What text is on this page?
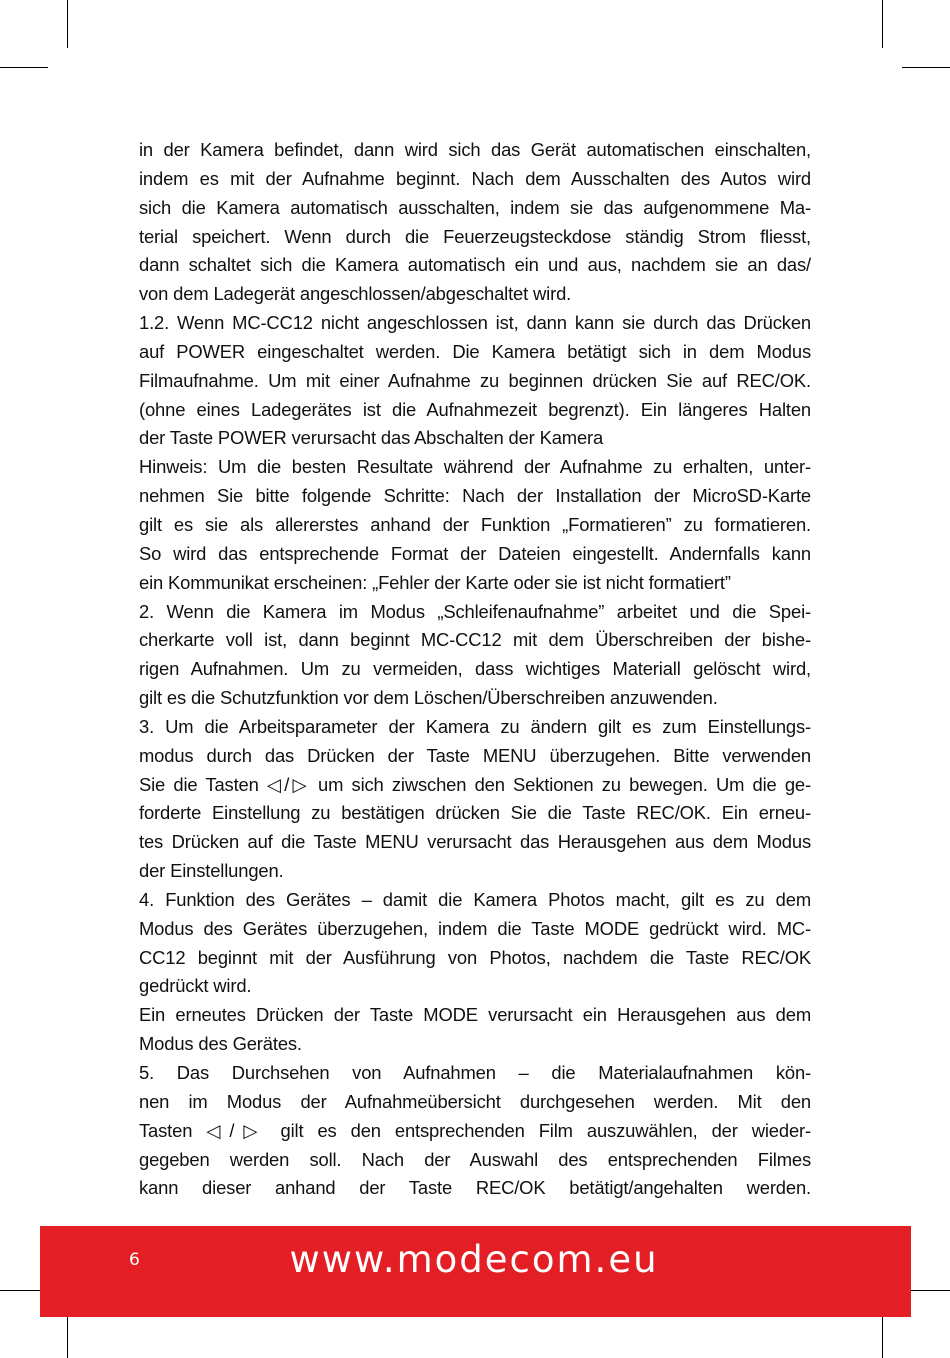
in der Kamera befindet, dann wird sich das Gerät automatischen einschalten,
indem es mit der Aufnahme beginnt. Nach dem Ausschalten des Autos wird
sich die Kamera automatisch ausschalten, indem sie das aufgenommene Ma-
terial speichert. Wenn durch die Feuerzeugsteckdose ständig Strom fliesst,
dann schaltet sich die Kamera automatisch ein und aus, nachdem sie an das/
von dem Ladegerät angeschlossen/abgeschaltet wird.
1.2. Wenn MC-CC12 nicht angeschlossen ist, dann kann sie durch das Drücken
auf POWER eingeschaltet werden. Die Kamera betätigt sich in dem Modus
Filmaufnahme. Um mit einer Aufnahme zu beginnen drücken Sie auf REC/OK.
(ohne eines Ladegerätes ist die Aufnahmezeit begrenzt). Ein längeres Halten
der Taste POWER verursacht das Abschalten der Kamera
Hinweis: Um die besten Resultate während der Aufnahme zu erhalten, unter-
nehmen Sie bitte folgende Schritte: Nach der Installation der MicroSD-Karte
gilt es sie als allererstes anhand der Funktion „Formatieren” zu formatieren.
So wird das entsprechende Format der Dateien eingestellt. Andernfalls kann
ein Kommunikat erscheinen: „Fehler der Karte oder sie ist nicht formatiert”
2. Wenn die Kamera im Modus „Schleifenaufnahme” arbeitet und die Spei-
cherkarte voll ist, dann beginnt MC-CC12 mit dem Überschreiben der bishe-
rigen Aufnahmen. Um zu vermeiden, dass wichtiges Materiall gelöscht wird,
gilt es die Schutzfunktion vor dem Löschen/Überschreiben anzuwenden.
3. Um die Arbeitsparameter der Kamera zu ändern gilt es zum Einstellungs-
modus durch das Drücken der Taste MENU überzugehen. Bitte verwenden
Sie die Tasten ◁/▷ um sich ziwschen den Sektionen zu bewegen. Um die ge-
forderte Einstellung zu bestätigen drücken Sie die Taste REC/OK. Ein erneu-
tes Drücken auf die Taste MENU verursacht das Herausgehen aus dem Modus
der Einstellungen.
4. Funktion des Gerätes – damit die Kamera Photos macht, gilt es zu dem
Modus des Gerätes überzugehen, indem die Taste MODE gedrückt wird. MC-
CC12 beginnt mit der Ausführung von Photos, nachdem die Taste REC/OK
gedrückt wird.
Ein erneutes Drücken der Taste MODE verursacht ein Herausgehen aus dem
Modus des Gerätes.
5. Das Durchsehen von Aufnahmen – die Materialaufnahmen kön-
nen im Modus der Aufnahmeübersicht durchgesehen werden. Mit den
Tasten ◁/▷ gilt es den entsprechenden Film auszuwählen, der wieder-
gegeben werden soll. Nach der Auswahl des entsprechenden Filmes
kann dieser anhand der Taste REC/OK betätigt/angehalten werden.
6	www.modecom.eu
